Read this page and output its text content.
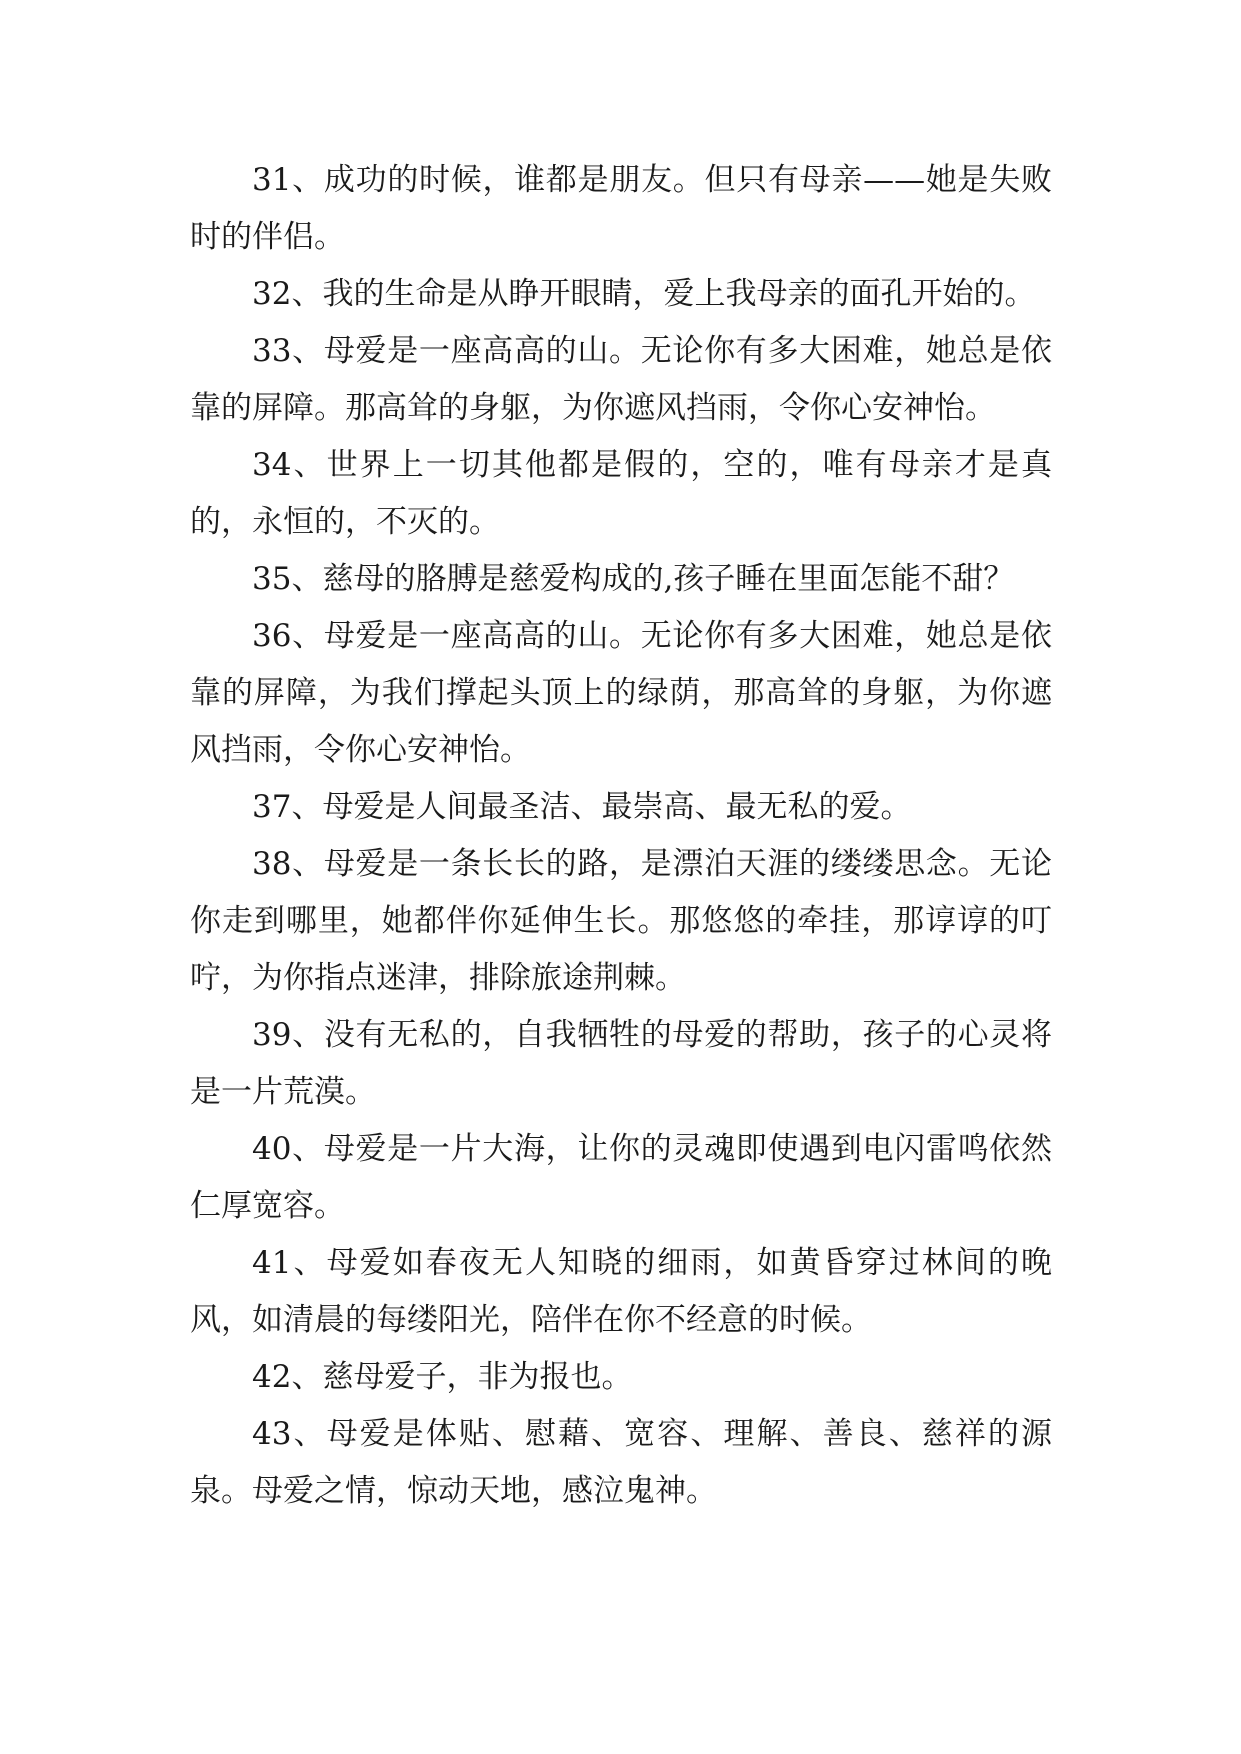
31、成功的时候，谁都是朋友。但只有母亲——她是失败时的伴侣。

32、我的生命是从睁开眼睛，爱上我母亲的面孔开始的。

33、母爱是一座高高的山。无论你有多大困难，她总是依靠的屏障。那高耸的身躯，为你遮风挡雨，令你心安神怡。

34、世界上一切其他都是假的，空的，唯有母亲才是真的，永恒的，不灭的。

35、慈母的胳膊是慈爱构成的,孩子睡在里面怎能不甜？

36、母爱是一座高高的山。无论你有多大困难，她总是依靠的屏障，为我们撑起头顶上的绿荫，那高耸的身躯，为你遮风挡雨，令你心安神怡。

37、母爱是人间最圣洁、最崇高、最无私的爱。

38、母爱是一条长长的路，是漂泊天涯的缕缕思念。无论你走到哪里，她都伴你延伸生长。那悠悠的牵挂，那谆谆的叮咛，为你指点迷津，排除旅途荆棘。

39、没有无私的，自我牺牲的母爱的帮助，孩子的心灵将是一片荒漠。

40、母爱是一片大海，让你的灵魂即使遇到电闪雷鸣依然仁厚宽容。

41、母爱如春夜无人知晓的细雨，如黄昏穿过林间的晚风，如清晨的每缕阳光，陪伴在你不经意的时候。

42、慈母爱子，非为报也。

43、母爱是体贴、慰藉、宽容、理解、善良、慈祥的源泉。母爱之情，惊动天地，感泣鬼神。
